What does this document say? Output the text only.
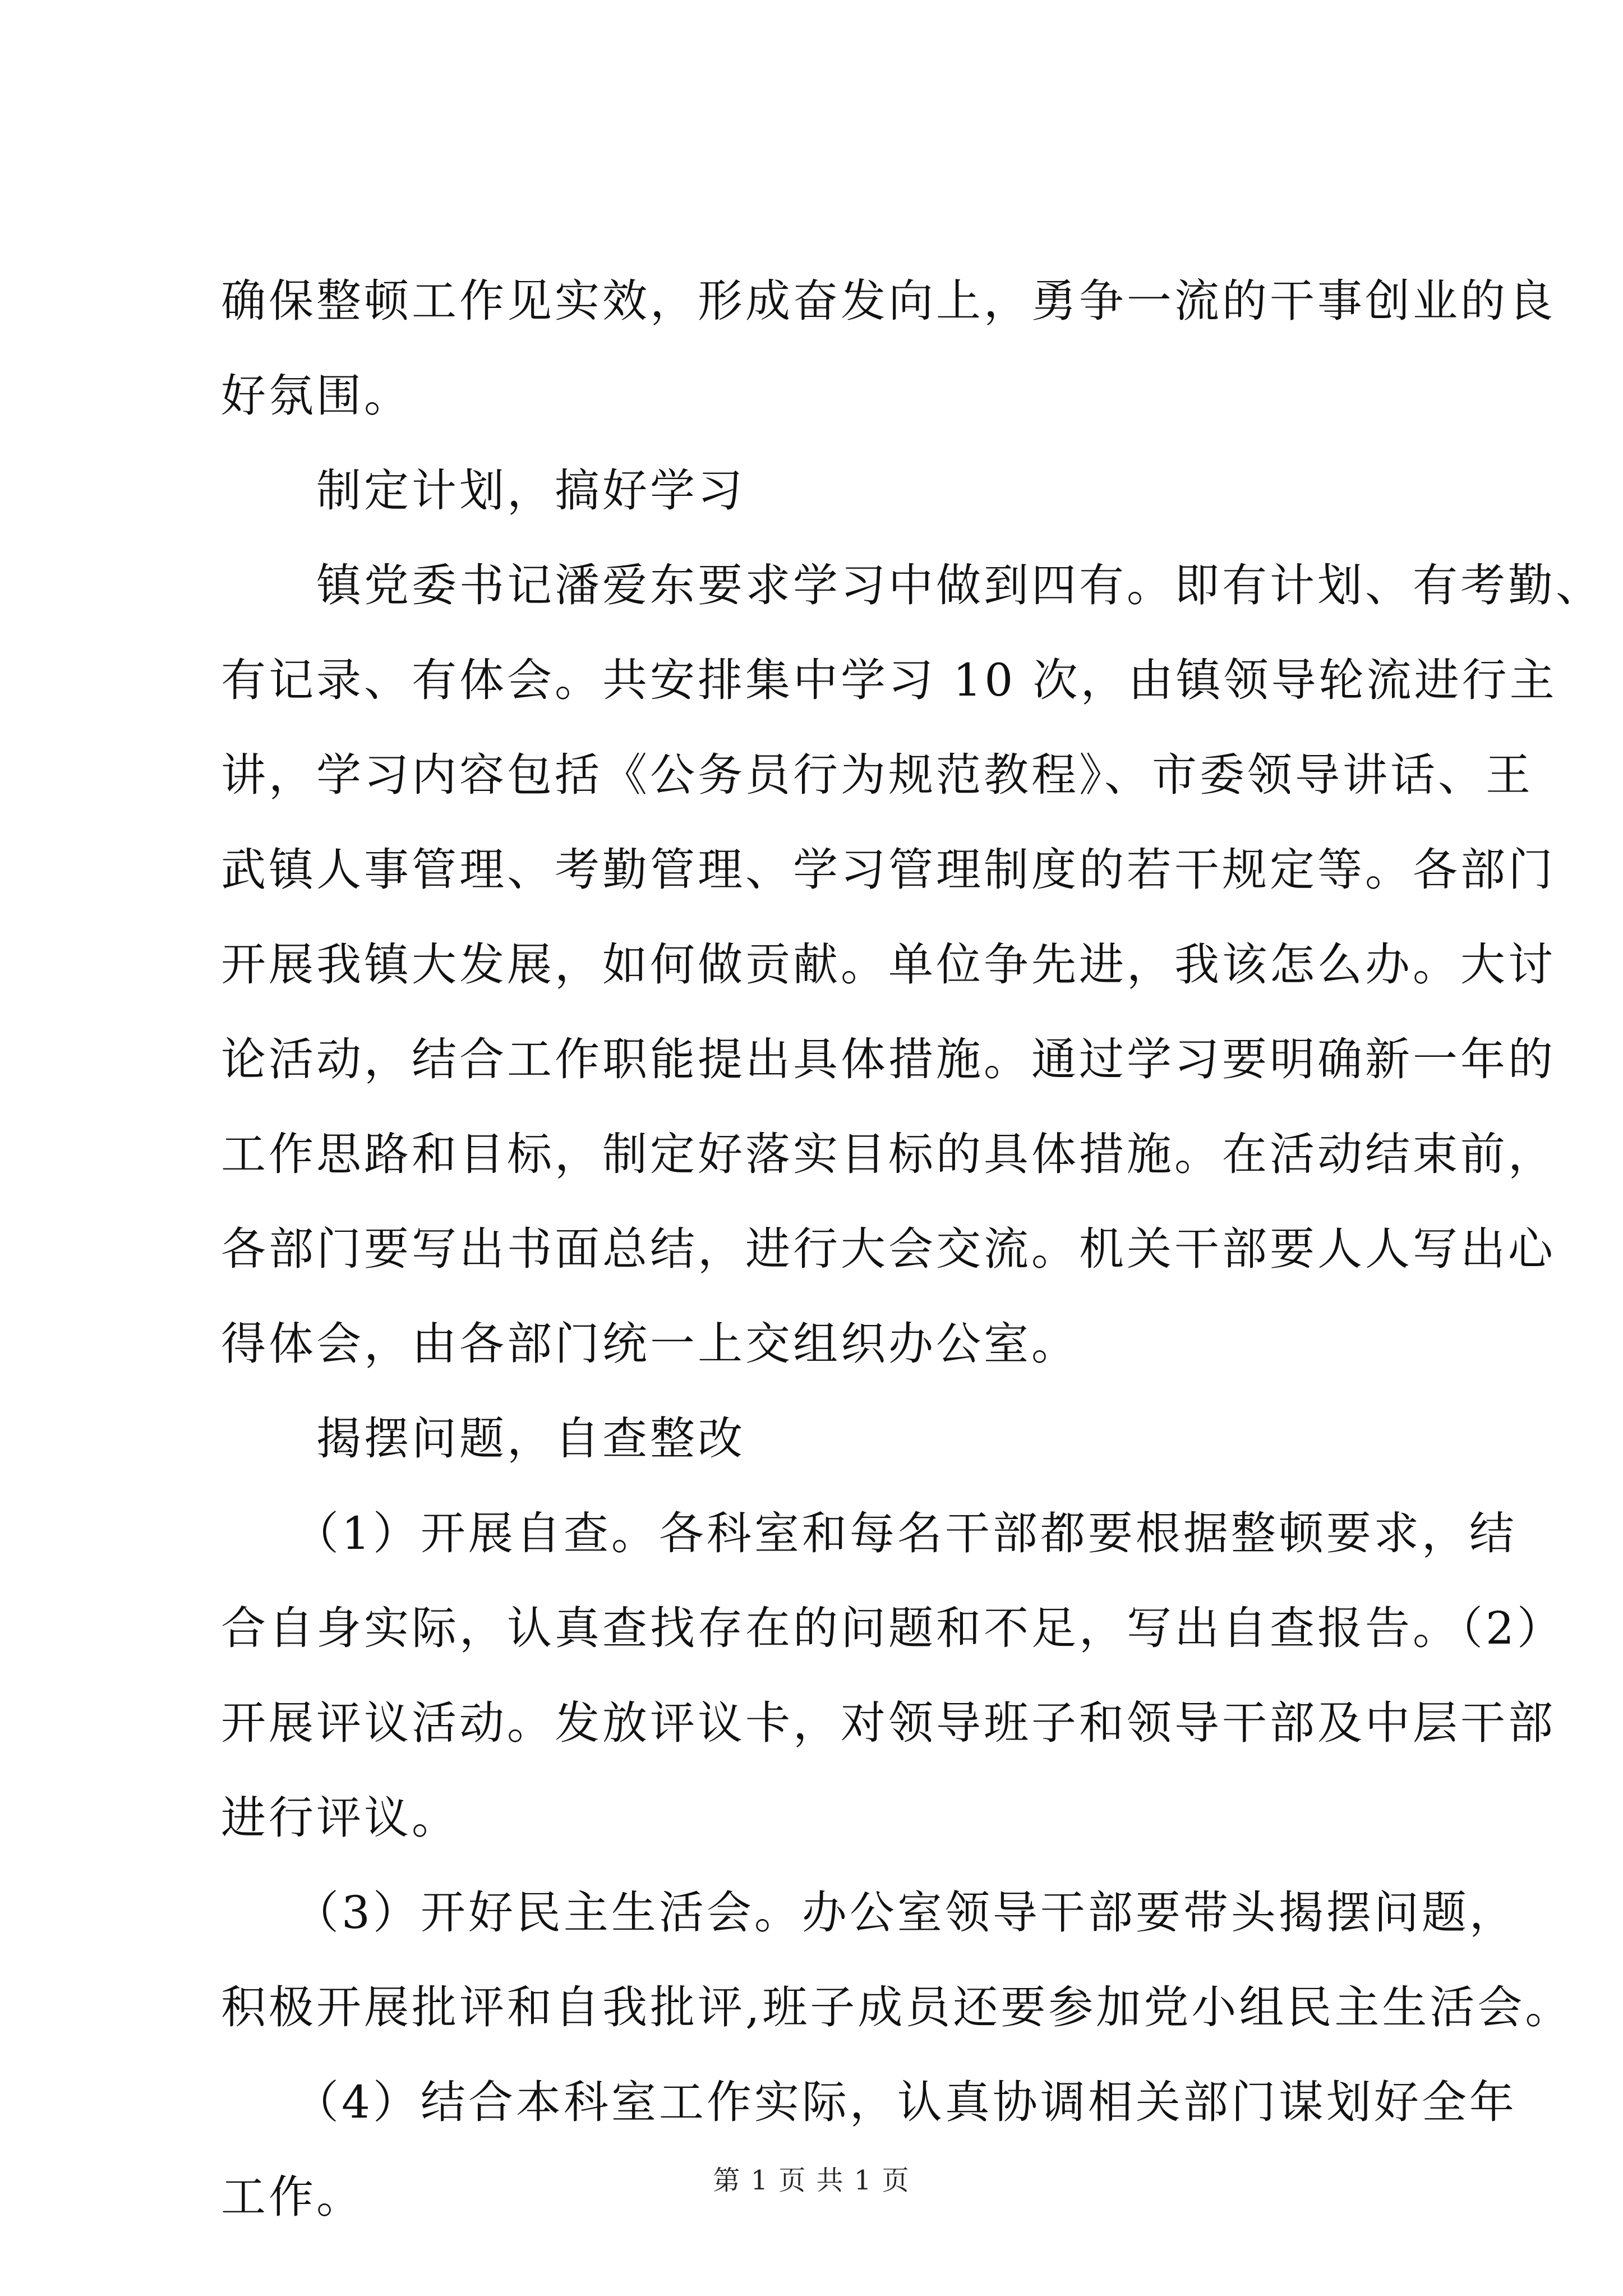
确保整顿工作见实效，形成奋发向上，勇争一流的干事创业的良
好氛围。
　　制定计划，搞好学习
　　镇党委书记潘爱东要求学习中做到四有。即有计划、有考勤、
有记录、有体会。共安排集中学习 10 次，由镇领导轮流进行主
讲，学习内容包括《公务员行为规范教程》、市委领导讲话、王
武镇人事管理、考勤管理、学习管理制度的若干规定等。各部门
开展我镇大发展，如何做贡献。单位争先进，我该怎么办。大讨
论活动，结合工作职能提出具体措施。通过学习要明确新一年的
工作思路和目标，制定好落实目标的具体措施。在活动结束前，
各部门要写出书面总结，进行大会交流。机关干部要人人写出心
得体会，由各部门统一上交组织办公室。
　　揭摆问题，自查整改
　　（1）开展自查。各科室和每名干部都要根据整顿要求，结
合自身实际，认真查找存在的问题和不足，写出自查报告。（2）
开展评议活动。发放评议卡，对领导班子和领导干部及中层干部
进行评议。
　　（3）开好民主生活会。办公室领导干部要带头揭摆问题，
积极开展批评和自我批评,班子成员还要参加党小组民主生活会。
　　（4）结合本科室工作实际，认真协调相关部门谋划好全年
工作。	第 1 页 共 1 页
